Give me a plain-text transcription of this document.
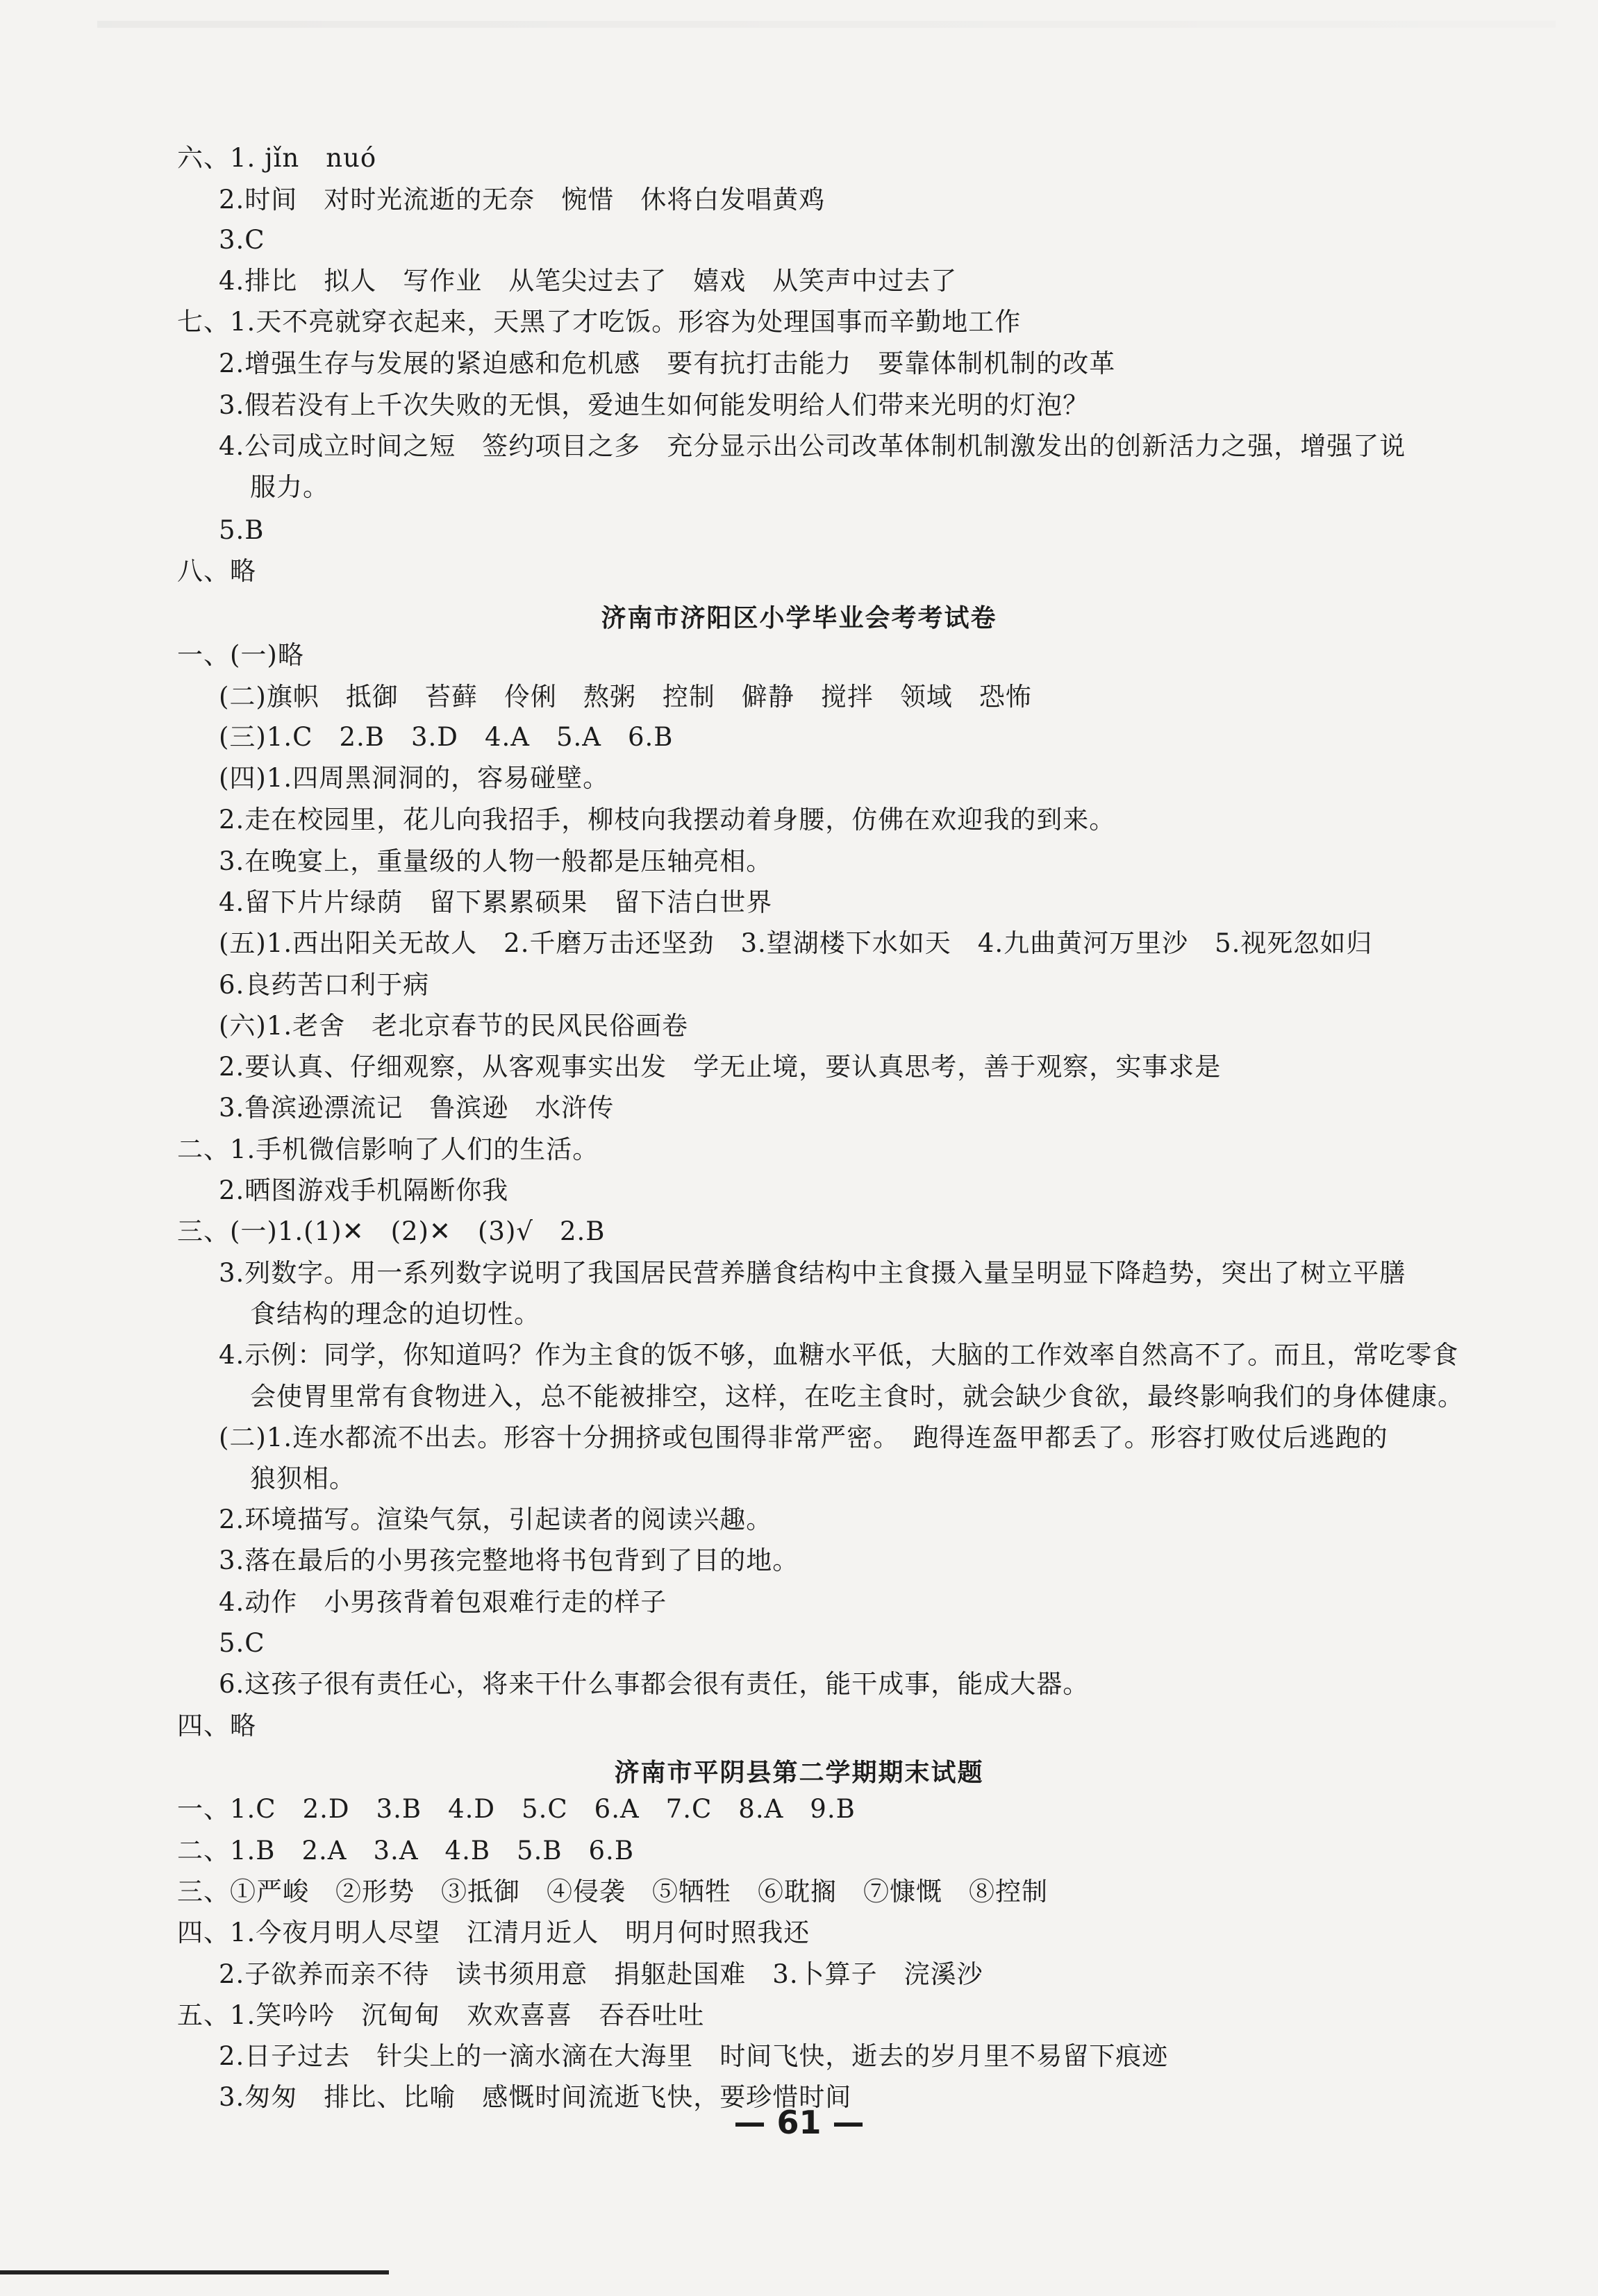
六、1. jǐn　nuó
2.时间　对时光流逝的无奈　惋惜　休将白发唱黄鸡
3.C
4.排比　拟人　写作业　从笔尖过去了　嬉戏　从笑声中过去了
七、1.天不亮就穿衣起来，天黑了才吃饭。形容为处理国事而辛勤地工作
2.增强生存与发展的紧迫感和危机感　要有抗打击能力　要靠体制机制的改革
3.假若没有上千次失败的无惧，爱迪生如何能发明给人们带来光明的灯泡？
4.公司成立时间之短　签约项目之多　充分显示出公司改革体制机制激发出的创新活力之强，增强了说
服力。
5.B
八、略
济南市济阳区小学毕业会考考试卷
一、(一)略
(二)旗帜　抵御　苔藓　伶俐　熬粥　控制　僻静　搅拌　领域　恐怖
(三)1.C　2.B　3.D　4.A　5.A　6.B
(四)1.四周黑洞洞的，容易碰壁。
2.走在校园里，花儿向我招手，柳枝向我摆动着身腰，仿佛在欢迎我的到来。
3.在晚宴上，重量级的人物一般都是压轴亮相。
4.留下片片绿荫　留下累累硕果　留下洁白世界
(五)1.西出阳关无故人　2.千磨万击还坚劲　3.望湖楼下水如天　4.九曲黄河万里沙　5.视死忽如归
6.良药苦口利于病
(六)1.老舍　老北京春节的民风民俗画卷
2.要认真、仔细观察，从客观事实出发　学无止境，要认真思考，善于观察，实事求是
3.鲁滨逊漂流记　鲁滨逊　水浒传
二、1.手机微信影响了人们的生活。
2.晒图游戏手机隔断你我
三、(一)1.(1)✕　(2)✕　(3)√　2.B
3.列数字。用一系列数字说明了我国居民营养膳食结构中主食摄入量呈明显下降趋势，突出了树立平膳
食结构的理念的迫切性。
4.示例：同学，你知道吗？作为主食的饭不够，血糖水平低，大脑的工作效率自然高不了。而且，常吃零食
会使胃里常有食物进入，总不能被排空，这样，在吃主食时，就会缺少食欲，最终影响我们的身体健康。
(二)1.连水都流不出去。形容十分拥挤或包围得非常严密。　跑得连盔甲都丢了。形容打败仗后逃跑的
狼狈相。
2.环境描写。渲染气氛，引起读者的阅读兴趣。
3.落在最后的小男孩完整地将书包背到了目的地。
4.动作　小男孩背着包艰难行走的样子
5.C
6.这孩子很有责任心，将来干什么事都会很有责任，能干成事，能成大器。
四、略
济南市平阴县第二学期期末试题
一、1.C　2.D　3.B　4.D　5.C　6.A　7.C　8.A　9.B
二、1.B　2.A　3.A　4.B　5.B　6.B
三、①严峻　②形势　③抵御　④侵袭　⑤牺牲　⑥耽搁　⑦慷慨　⑧控制
四、1.今夜月明人尽望　江清月近人　明月何时照我还
2.子欲养而亲不待　读书须用意　捐躯赴国难　3.卜算子　浣溪沙
五、1.笑吟吟　沉甸甸　欢欢喜喜　吞吞吐吐
2.日子过去　针尖上的一滴水滴在大海里　时间飞快，逝去的岁月里不易留下痕迹
3.匆匆　排比、比喻　感慨时间流逝飞快，要珍惜时间
— 61 —
